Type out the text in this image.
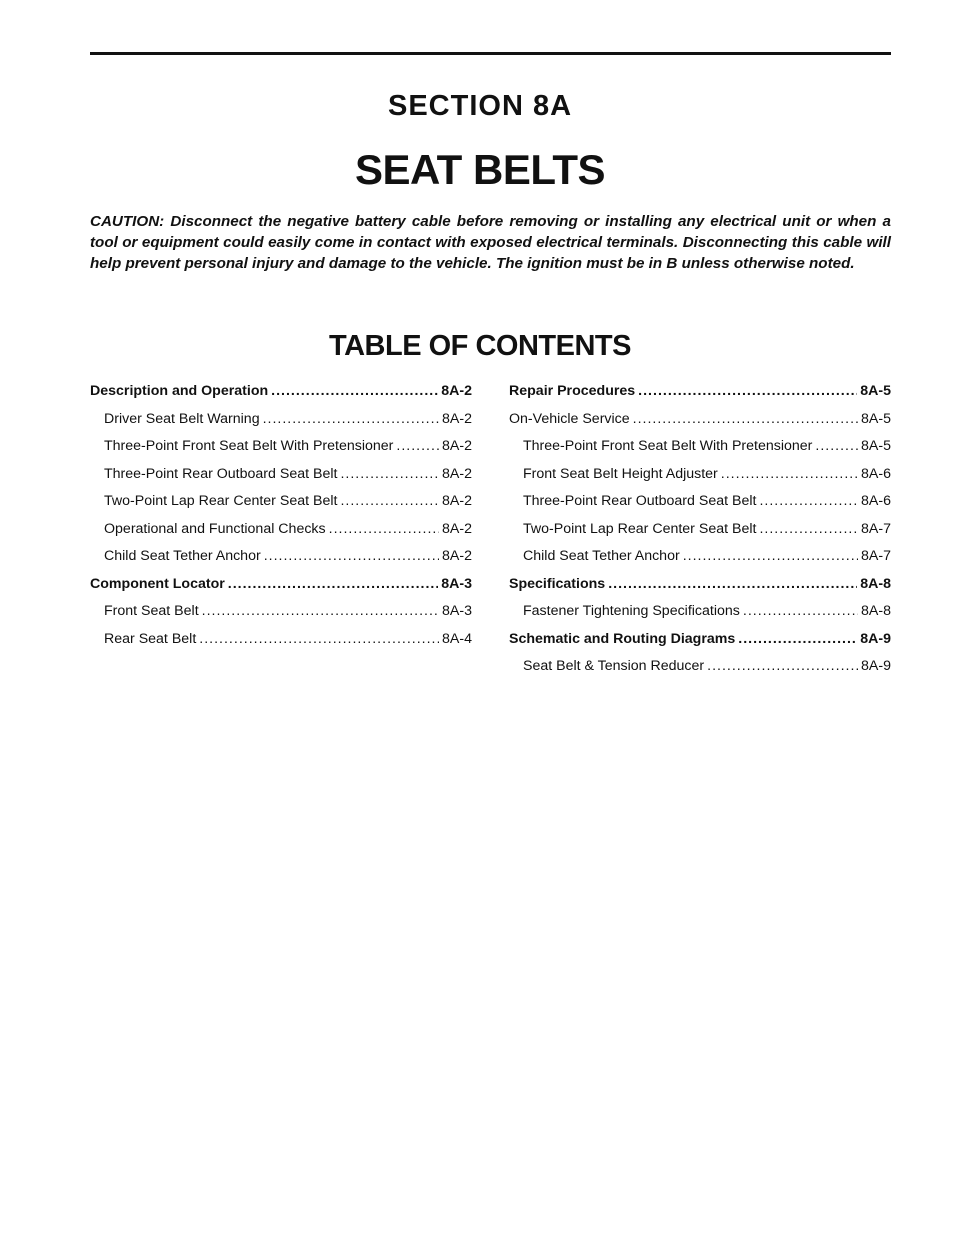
SECTION 8A
SEAT BELTS
CAUTION: Disconnect the negative battery cable before removing or installing any electrical unit or when a tool or equipment could easily come in contact with exposed electrical terminals. Disconnecting this cable will help prevent personal injury and damage to the vehicle. The ignition must be in B unless otherwise noted.
TABLE OF CONTENTS
Description and Operation .....	8A-2
Driver Seat Belt Warning .....	8A-2
Three-Point Front Seat Belt With Pretensioner .....	8A-2
Three-Point Rear Outboard Seat Belt .....	8A-2
Two-Point Lap Rear Center Seat Belt .....	8A-2
Operational and Functional Checks .....	8A-2
Child Seat Tether Anchor .....	8A-2
Component Locator .....	8A-3
Front Seat Belt .....	8A-3
Rear Seat Belt .....	8A-4
Repair Procedures .....	8A-5
On-Vehicle Service .....	8A-5
Three-Point Front Seat Belt With Pretensioner .....	8A-5
Front Seat Belt Height Adjuster .....	8A-6
Three-Point Rear Outboard Seat Belt .....	8A-6
Two-Point Lap Rear Center Seat Belt .....	8A-7
Child Seat Tether Anchor .....	8A-7
Specifications .....	8A-8
Fastener Tightening Specifications .....	8A-8
Schematic and Routing Diagrams .....	8A-9
Seat Belt & Tension Reducer .....	8A-9
